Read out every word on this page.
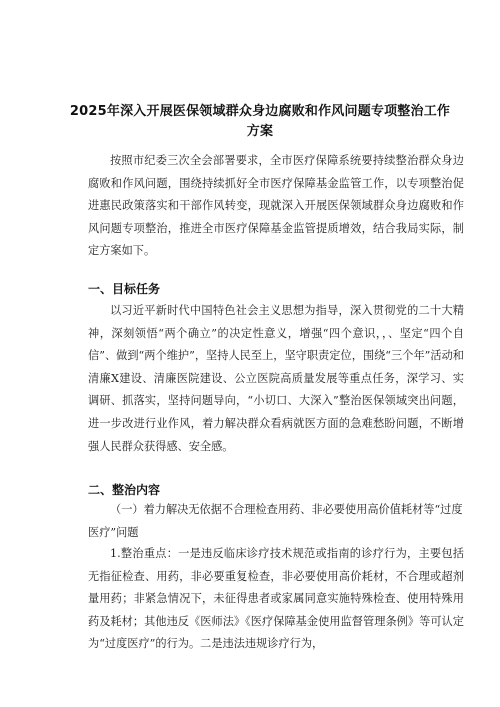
2025年深入开展医保领域群众身边腐败和作风问题专项整治工作
方案
按照市纪委三次全会部署要求，全市医疗保障系统要持续整治群众身边腐败和作风问题，围绕持续抓好全市医疗保障基金监管工作，以专项整治促进惠民政策落实和干部作风转变，现就深入开展医保领域群众身边腐败和作风问题专项整治，推进全市医疗保障基金监管提质增效，结合我局实际，制定方案如下。
一、目标任务
以习近平新时代中国特色社会主义思想为指导，深入贯彻党的二十大精神，深刻领悟“两个确立”的决定性意义，增强“四个意识，，、坚定“四个自信”、做到“两个维护”，坚持人民至上，坚守职责定位，围绕“三个年”活动和清廉X建设、清廉医院建设、公立医院高质量发展等重点任务，深学习、实调研、抓落实，坚持问题导向，“小切口、大深入”整治医保领域突出问题，进一步改进行业作风，着力解决群众看病就医方面的急难愁盼问题，不断增强人民群众获得感、安全感。
二、整治内容
（一）着力解决无依据不合理检查用药、非必要使用高价值耗材等“过度医疗”问题
1.整治重点：一是违反临床诊疗技术规范或指南的诊疗行为，主要包括无指征检查、用药，非必要重复检查，非必要使用高价耗材，不合理或超剂量用药；非紧急情况下，未征得患者或家属同意实施特殊检查、使用特殊用药及耗材；其他违反《医师法》《医疗保障基金使用监督管理条例》等可认定为“过度医疗”的行为。二是违法违规诊疗行为，
